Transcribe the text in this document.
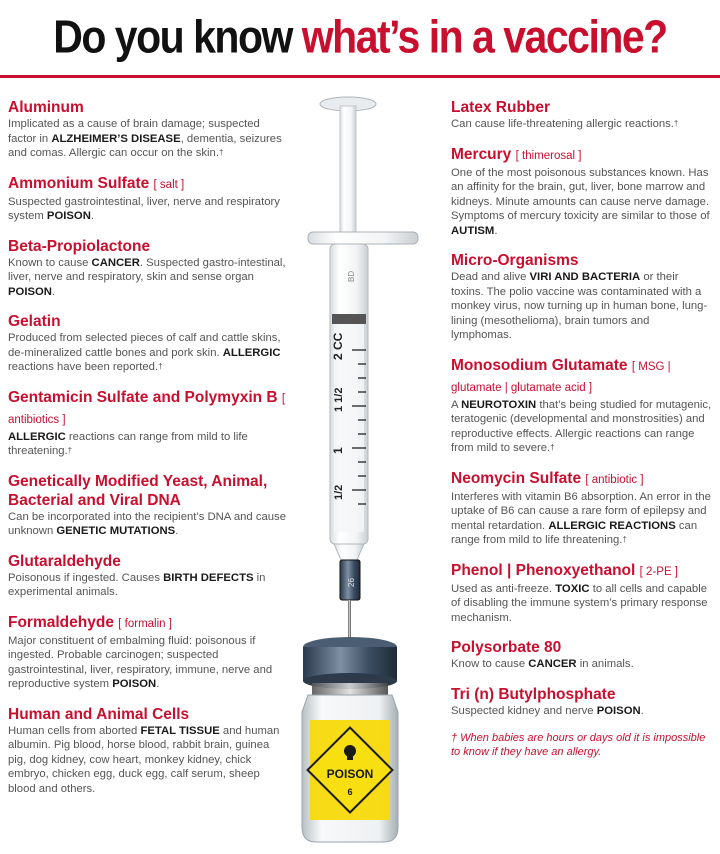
Do you know what’s in a vaccine?
Aluminum
Implicated as a cause of brain damage; suspected factor in ALZHEIMER’S DISEASE, dementia, seizures and comas. Allergic can occur on the skin.†
Ammonium Sulfate [ salt ]
Suspected gastrointestinal, liver, nerve and respiratory system POISON.
Beta-Propiolactone
Known to cause CANCER. Suspected gastro-intestinal, liver, nerve and respiratory, skin and sense organ POISON.
Gelatin
Produced from selected pieces of calf and cattle skins, de-mineralized cattle bones and pork skin. ALLERGIC reactions have been reported.†
Gentamicin Sulfate and Polymyxin B [ antibiotics ]
ALLERGIC reactions can range from mild to life threatening.†
Genetically Modified Yeast, Animal, Bacterial and Viral DNA
Can be incorporated into the recipient’s DNA and cause unknown GENETIC MUTATIONS.
Glutaraldehyde
Poisonous if ingested. Causes BIRTH DEFECTS in experimental animals.
Formaldehyde [ formalin ]
Major constituent of embalming fluid: poisonous if ingested. Probable carcinogen; suspected gastrointestinal, liver, respiratory, immune, nerve and reproductive system POISON.
Human and Animal Cells
Human cells from aborted FETAL TISSUE and human albumin. Pig blood, horse blood, rabbit brain, guinea pig, dog kidney, cow heart, monkey kidney, chick embryo, chicken egg, duck egg, calf serum, sheep blood and others.
Latex Rubber
Can cause life-threatening allergic reactions.†
Mercury [ thimerosal ]
One of the most poisonous substances known. Has an affinity for the brain, gut, liver, bone marrow and kidneys. Minute amounts can cause nerve damage. Symptoms of mercury toxicity are similar to those of AUTISM.
Micro-Organisms
Dead and alive VIRI AND BACTERIA or their toxins. The polio vaccine was contaminated with a monkey virus, now turning up in human bone, lung-lining (mesothelioma), brain tumors and lymphomas.
Monosodium Glutamate [ MSG | glutamate | glutamate acid ]
A NEUROTOXIN that’s being studied for mutagenic, teratogenic (developmental and monstrosities) and reproductive effects. Allergic reactions can range from mild to severe.†
Neomycin Sulfate [ antibiotic ]
Interferes with vitamin B6 absorption. An error in the uptake of B6 can cause a rare form of epilepsy and mental retardation. ALLERGIC REACTIONS can range from mild to life threatening.†
Phenol | Phenoxyethanol [ 2-PE ]
Used as anti-freeze. TOXIC to all cells and capable of disabling the immune system’s primary response mechanism.
Polysorbate 80
Know to cause CANCER in animals.
Tri (n) Butylphosphate
Suspected kidney and nerve POISON.
† When babies are hours or days old it is impossible to know if they have an allergy.
2 CC
1 1/2
1
1/2
BD
26
POISON
6
